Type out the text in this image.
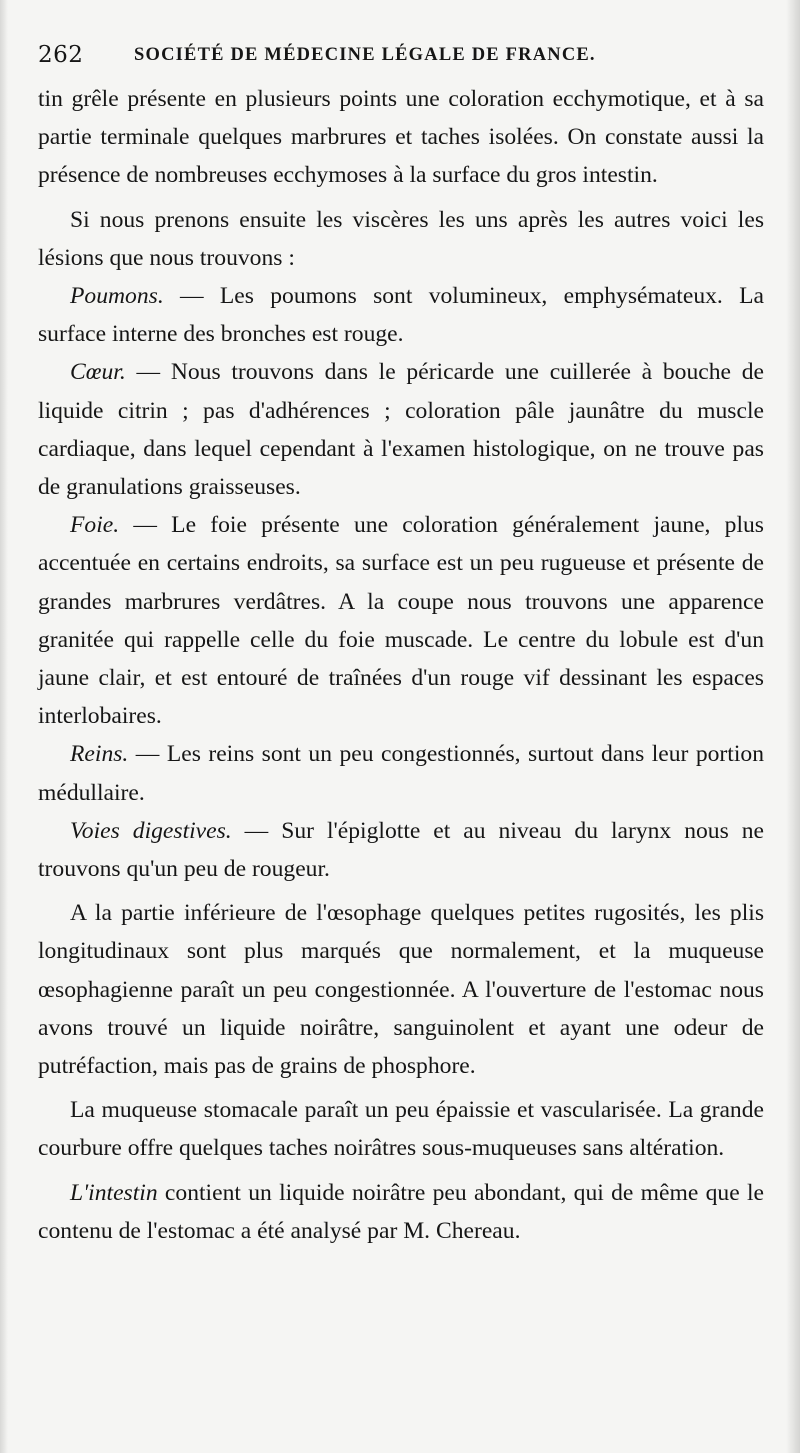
262	SOCIÉTÉ DE MÉDECINE LÉGALE DE FRANCE.

tin grêle présente en plusieurs points une coloration ecchymotique, et à sa partie terminale quelques marbrures et taches isolées. On constate aussi la présence de nombreuses ecchymoses à la surface du gros intestin.

Si nous prenons ensuite les viscères les uns après les autres voici les lésions que nous trouvons :

Poumons. — Les poumons sont volumineux, emphysémateux. La surface interne des bronches est rouge.

Cœur. — Nous trouvons dans le péricarde une cuillerée à bouche de liquide citrin ; pas d'adhérences ; coloration pâle jaunâtre du muscle cardiaque, dans lequel cependant à l'examen histologique, on ne trouve pas de granulations graisseuses.

Foie. — Le foie présente une coloration généralement jaune, plus accentuée en certains endroits, sa surface est un peu rugueuse et présente de grandes marbrures verdâtres. A la coupe nous trouvons une apparence granitée qui rappelle celle du foie muscade. Le centre du lobule est d'un jaune clair, et est entouré de traînées d'un rouge vif dessinant les espaces interlobaires.

Reins. — Les reins sont un peu congestionnés, surtout dans leur portion médullaire.

Voies digestives. — Sur l'épiglotte et au niveau du larynx nous ne trouvons qu'un peu de rougeur.

A la partie inférieure de l'œsophage quelques petites rugosités, les plis longitudinaux sont plus marqués que normalement, et la muqueuse œsophagienne paraît un peu congestionnée. A l'ouverture de l'estomac nous avons trouvé un liquide noirâtre, sanguinolent et ayant une odeur de putréfaction, mais pas de grains de phosphore.

La muqueuse stomacale paraît un peu épaissie et vascularisée. La grande courbure offre quelques taches noirâtres sous-muqueuses sans altération.

L'intestin contient un liquide noirâtre peu abondant, qui de même que le contenu de l'estomac a été analysé par M. Chereau.
